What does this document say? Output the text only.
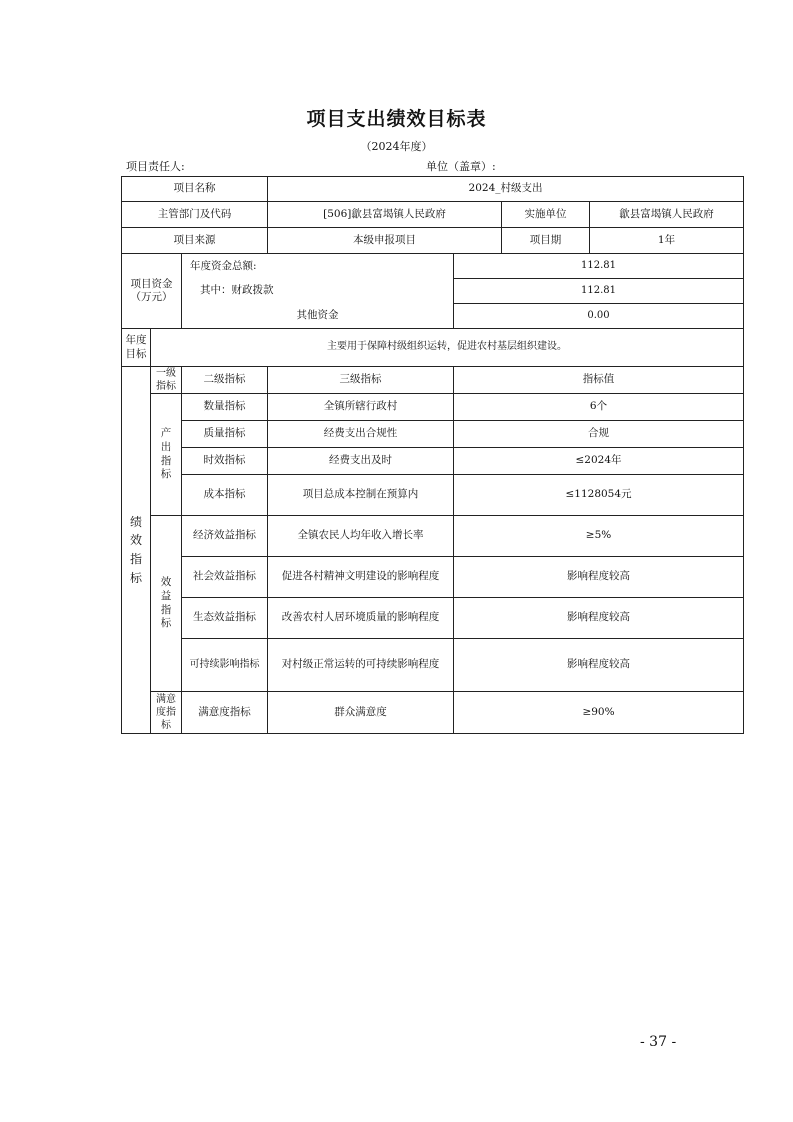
项目支出绩效目标表
（2024年度）
项目责任人:	单位（盖章）:
项目名称			2024_村级支出	
主管部门及代码			[506]歙县富堨镇人民政府 实施单位 歙县富堨镇人民政府	

项目来源			本级申报项目 项目期 1年	

项目资金
（万元）		年度资金总额:		112.81
		其中：财政拨款		112.81
		其他资金		0.00

年度目标	主要用于保障村级组织运转，促进农村基层组织建设。			

绩效指标	一级指标	二级指标	三级指标	指标值

	产出指标	数量指标	全镇所辖行政村	6个
		质量指标	经费支出合规性	合规
		时效指标	经费支出及时	≤2024年
		成本指标	项目总成本控制在预算内	≤1128054元

	效益指标	经济效益指标	全镇农民人均年收入增长率	≥5%
		社会效益指标	促进各村精神文明建设的影响程度	影响程度较高
		生态效益指标	改善农村人居环境质量的影响程度	影响程度较高
		可持续影响指标	对村级正常运转的可持续影响程度	影响程度较高

	满意度指标	满意度指标	群众满意度	≥90%
- 37 -
